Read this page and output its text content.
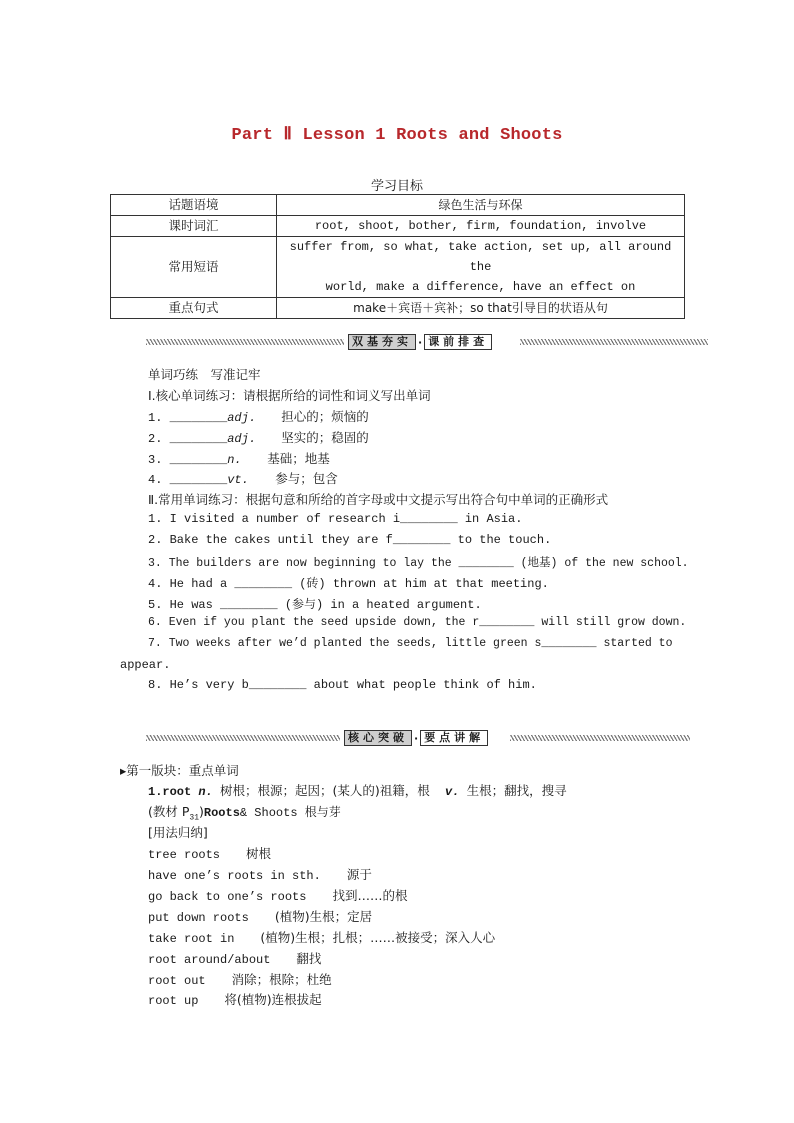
Part Ⅱ Lesson 1 Roots and Shoots
学习目标
话题语境	绿色生活与环保
课时词汇	root, shoot, bother, firm, foundation, involve
常用短语	suffer from, so what, take action, set up, all around the
world, make a difference, have an effect on

重点句式	make＋宾语＋宾补；so that引导目的状语从句
双基夯实 · 课前排查
单词巧练　写准记牢
Ⅰ.核心单词练习：请根据所给的词性和词义写出单词
1. ________adj. 担心的；烦恼的
2. ________adj. 坚实的；稳固的
3. ________n. 基础；地基
4. ________vt. 参与；包含
Ⅱ.常用单词练习：根据句意和所给的首字母或中文提示写出符合句中单词的正确形式
1. I visited a number of research i________ in Asia.
2. Bake the cakes until they are f________ to the touch.
3. The builders are now beginning to lay the ________ (地基) of the new school.
4. He had a ________ (砖) thrown at him at that meeting.
5. He was ________ (参与) in a heated argument.
6. Even if you plant the seed upside down, the r________ will still grow down.
7. Two weeks after we’d planted the seeds, little green s________ started to
appear.
8. He’s very b________ about what people think of him.
核心突破 · 要点讲解
▸第一版块：重点单词
1.root n. 树根；根源；起因；(某人的)祖籍，根 v. 生根；翻找，搜寻
(教材 $P_{31})Roots\&$ Shoots 根与芽
[用法归纳]
tree roots 树根
have one’s roots in sth. 源于
go back to one’s roots 找到……的根
put down roots (植物)生根；定居
take root in (植物)生根；扎根；……被接受；深入人心
root around/about 翻找
root out 消除；根除；杜绝
root up 将(植物)连根拔起
